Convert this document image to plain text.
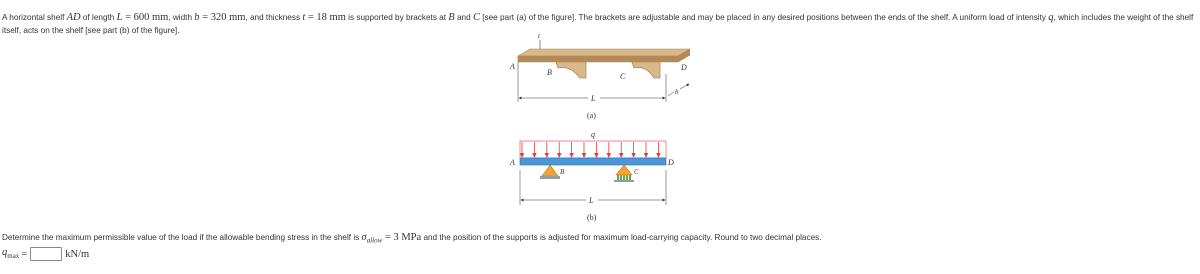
A horizontal shelf AD of length L = 600 mm, width b = 320 mm, and thickness t = 18 mm is supported by brackets at B and C [see part (a) of the figure]. The brackets are adjustable and may be placed in any desired positions between the ends of the shelf. A uniform load of intensity q, which includes the weight of the shelf itself, acts on the shelf [see part (b) of the figure].
A
t
B	C
D
L
b
(a)
q
A	D
B	C
L
(b)
Determine the maximum permissible value of the load if the allowable bending stress in the shelf is $\sigma_{allow} = 3$ MPa and the position of the supports is adjusted for maximum load-carrying capacity. Round to two decimal places.
$q_{max}$ =	kN/m
